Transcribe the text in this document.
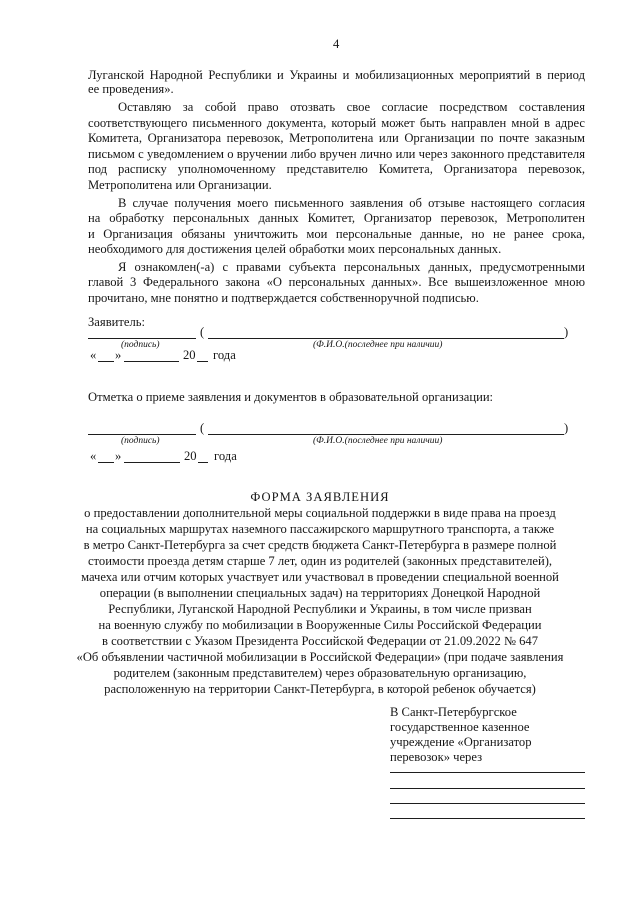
4
Луганской Народной Республики и Украины и мобилизационных мероприятий в период
ее проведения».
Оставляю за собой право отозвать свое согласие посредством составления
соответствующего письменного документа, который может быть направлен мной в адрес
Комитета, Организатора перевозок, Метрополитена или Организации по почте заказным
письмом с уведомлением о вручении либо вручен лично или через законного представителя
под расписку уполномоченному представителю Комитета, Организатора перевозок,
Метрополитена или Организации.
В случае получения моего письменного заявления об отзыве настоящего согласия
на обработку персональных данных Комитет, Организатор перевозок, Метрополитен
и Организация обязаны уничтожить мои персональные данные, но не ранее срока,
необходимого для достижения целей обработки моих персональных данных.
Я ознакомлен(-а) с правами субъекта персональных данных, предусмотренными
главой 3 Федерального закона «О персональных данных». Все вышеизложенное мною
прочитано, мне понятно и подтверждается собственноручной подписью.
Заявитель:
(	)
(подпись)	(Ф.И.О.(последнее при наличии)
« »	20 года
Отметка о приеме заявления и документов в образовательной организации:
(	)
(подпись)	(Ф.И.О.(последнее при наличии)
« »	20 года
ФОРМА ЗАЯВЛЕНИЯ
о предоставлении дополнительной меры социальной поддержки в виде права на проезд
на социальных маршрутах наземного пассажирского маршрутного транспорта, а также
в метро Санкт-Петербурга за счет средств бюджета Санкт-Петербурга в размере полной
стоимости проезда детям старше 7 лет, один из родителей (законных представителей),
мачеха или отчим которых участвует или участвовал в проведении специальной военной
операции (в выполнении специальных задач) на территориях Донецкой Народной
Республики, Луганской Народной Республики и Украины, в том числе призван
на военную службу по мобилизации в Вооруженные Силы Российской Федерации
в соответствии с Указом Президента Российской Федерации от 21.09.2022 № 647
«Об объявлении частичной мобилизации в Российской Федерации» (при подаче заявления
родителем (законным представителем) через образовательную организацию,
расположенную на территории Санкт-Петербурга, в которой ребенок обучается)
В Санкт-Петербургское
государственное казенное
учреждение «Организатор
перевозок» через
